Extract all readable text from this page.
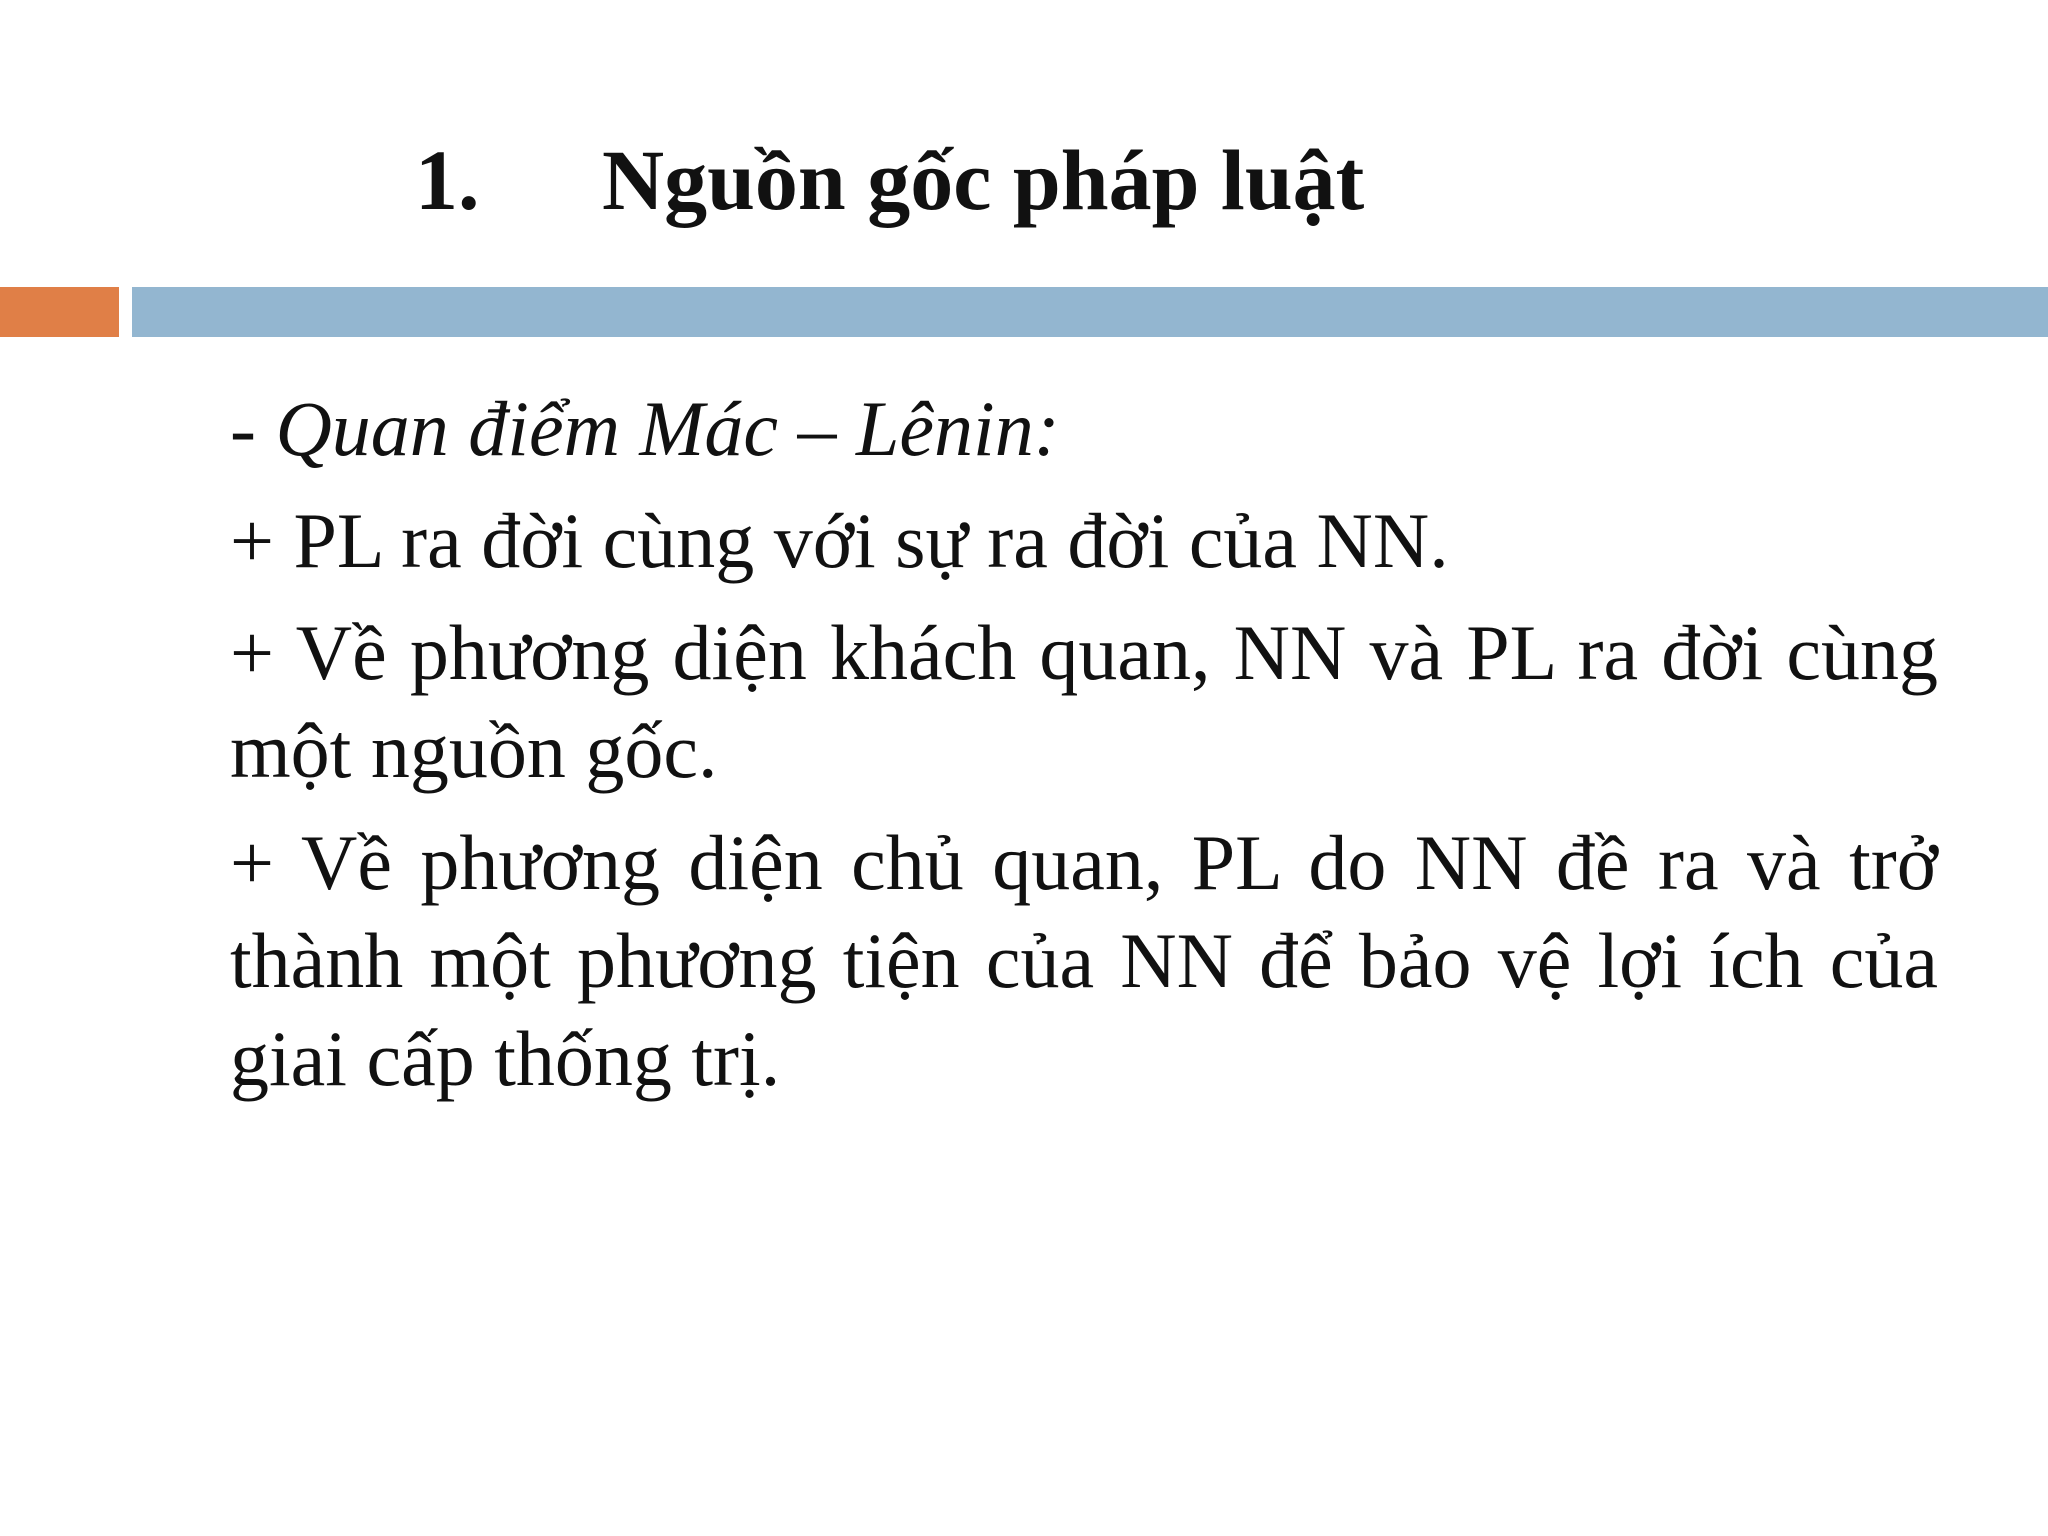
1.	Nguồn gốc pháp luật

- Quan điểm Mác – Lênin:

+ PL ra đời cùng với sự ra đời của NN.

+ Về phương diện khách quan, NN và PL ra đời cùng một nguồn gốc.

+ Về phương diện chủ quan, PL do NN đề ra và trở thành một phương tiện của NN để bảo vệ lợi ích của giai cấp thống trị.
